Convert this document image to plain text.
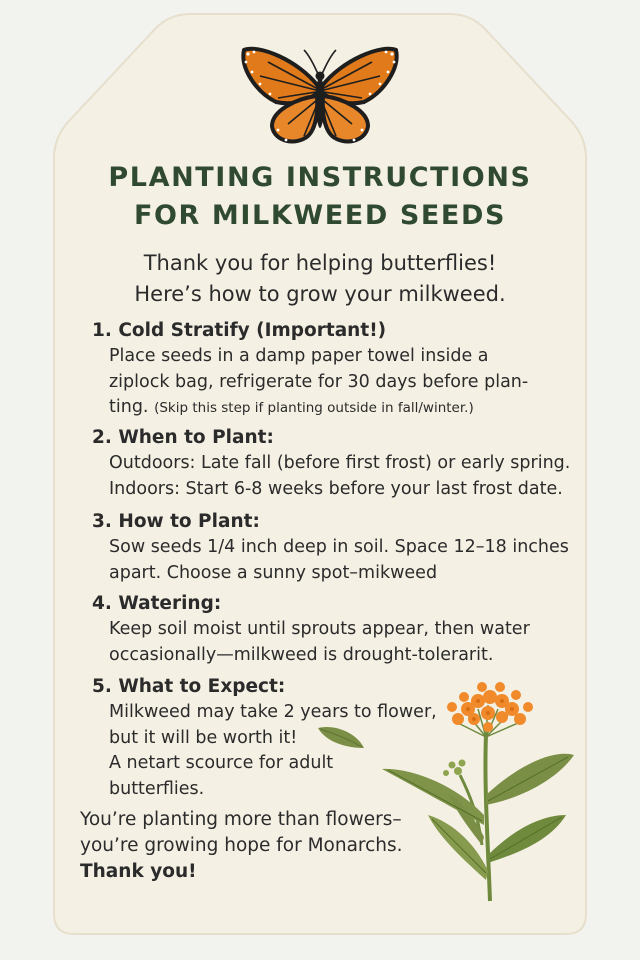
PLANTING INSTRUCTIONS
FOR MILKWEED SEEDS
Thank you for helping butterflies!
Here’s how to grow your milkweed.
1. Cold Stratify (Important!)
Place seeds in a damp paper towel inside a
ziplock bag, refrigerate for 30 days before plan-
ting. (Skip this step if planting outside in fall/winter.)
2. When to Plant:
Outdoors: Late fall (before first frost) or early spring.
Indoors: Start 6-8 weeks before your last frost date.
3. How to Plant:
Sow seeds 1/4 inch deep in soil. Space 12–18 inches
apart. Choose a sunny spot–mikweed
4. Watering:
Keep soil moist until sprouts appear, then water
occasionally—milkweed is drought-tolerarit.
5. What to Expect:
Milkweed may take 2 years to flower,
but it will be worth it!
A netart scource for adult
butterflies.
You’re planting more than flowers–
you’re growing hope for Monarchs.
Thank you!
